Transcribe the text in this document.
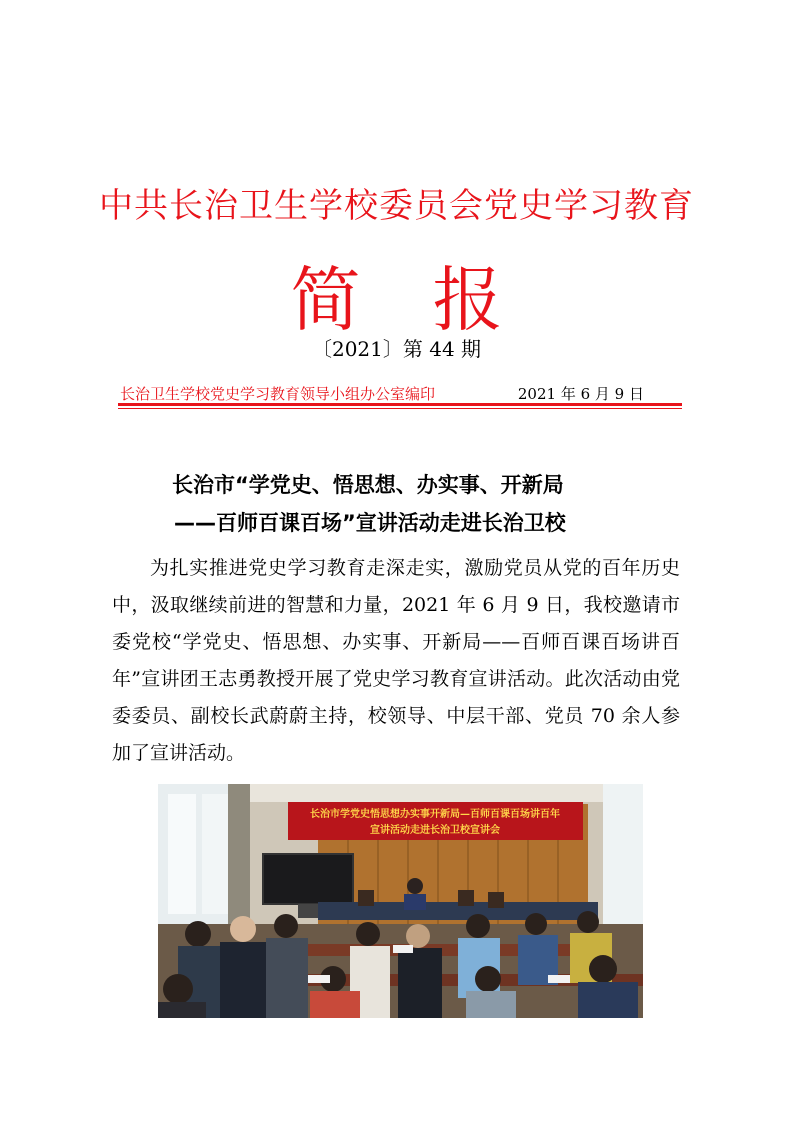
中共长治卫生学校委员会党史学习教育
简报

〔2021〕第 44 期

长治卫生学校党史学习教育领导小组办公室编印	2021 年 6 月 9 日
长治市“学党史、悟思想、办实事、开新局
——百师百课百场”宣讲活动走进长治卫校

为扎实推进党史学习教育走深走实，激励党员从党的百年历史中，汲取继续前进的智慧和力量，2021 年 6 月 9 日，我校邀请市委党校“学党史、悟思想、办实事、开新局——百师百课百场讲百年”宣讲团王志勇教授开展了党史学习教育宣讲活动。此次活动由党委委员、副校长武蔚蔚主持，校领导、中层干部、党员 70 余人参加了宣讲活动。

长治市学党史悟思想办实事开新局—百师百课百场讲百年
宣讲活动走进长治卫校宣讲会
